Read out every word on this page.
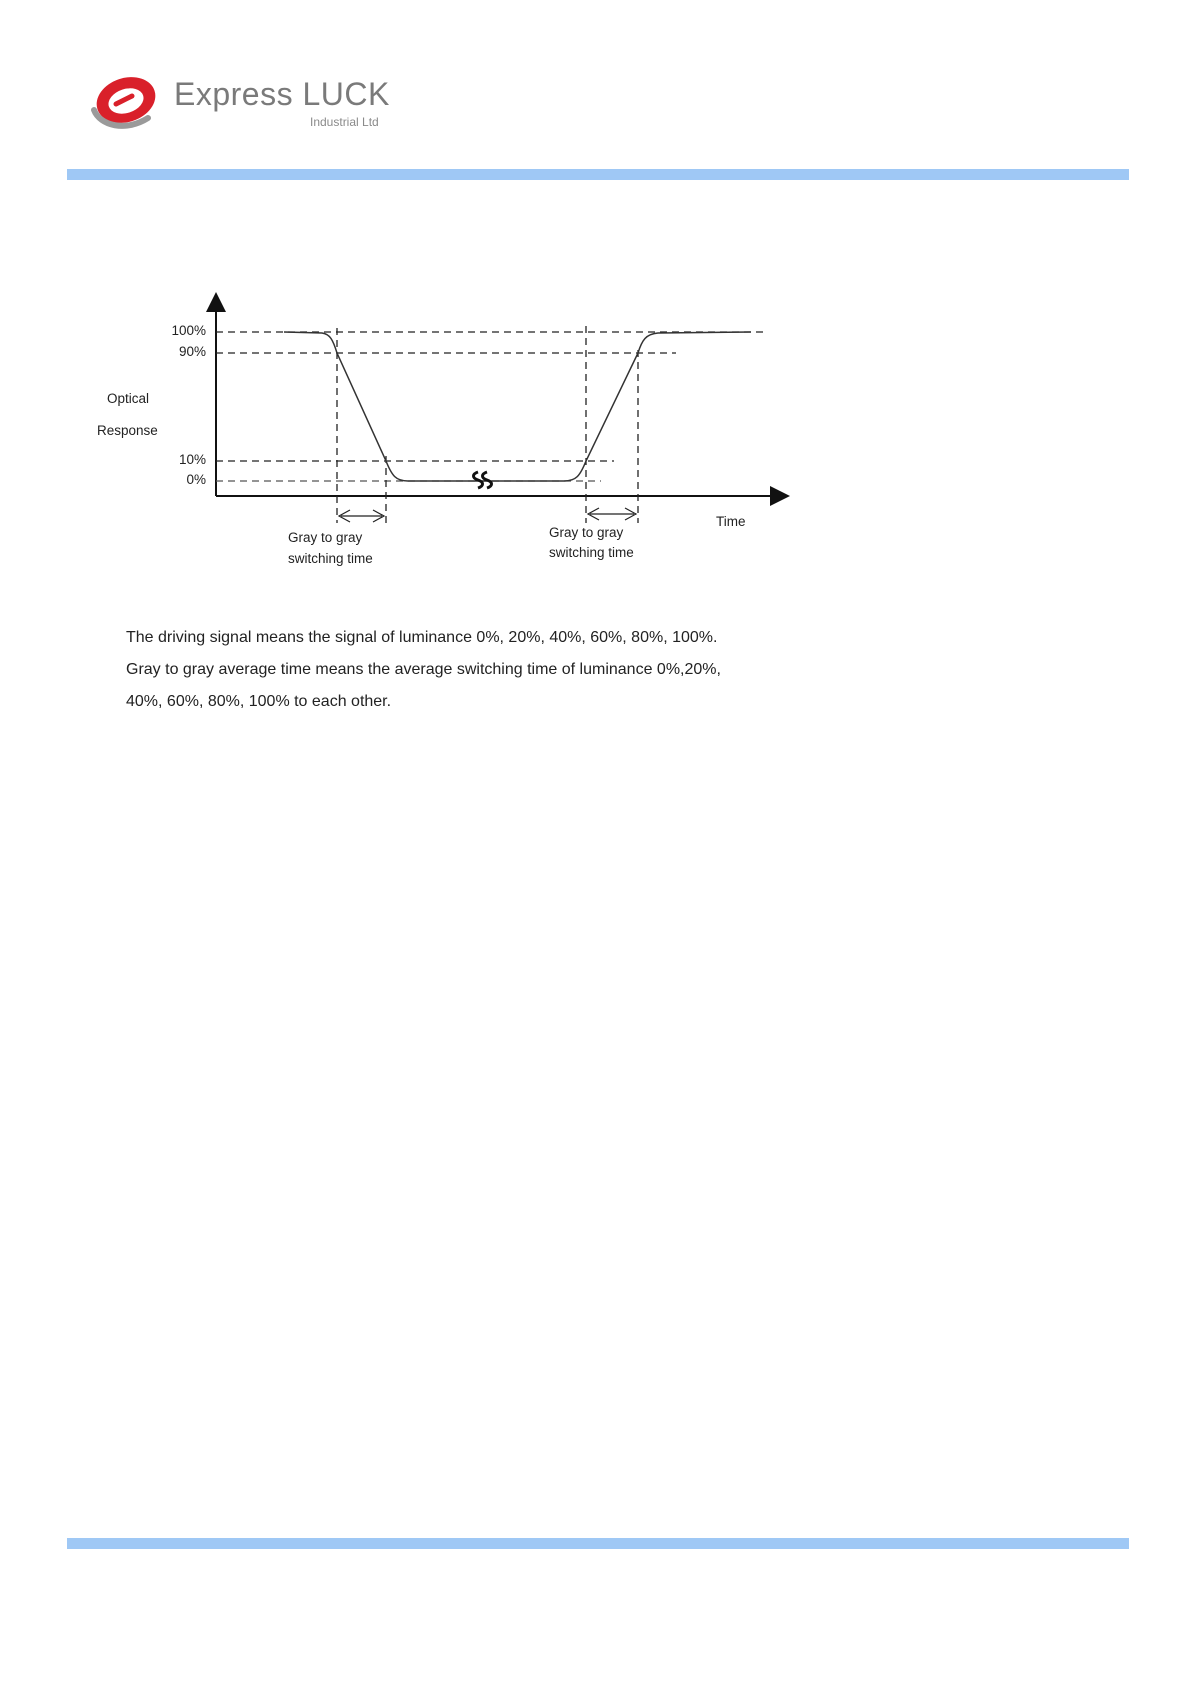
Express LUCK
Industrial Ltd
100%
90%
10%
0%
Optical
Response
Time
Gray to gray
switching time
Gray to gray
switching time

The driving signal means the signal of luminance 0%, 20%, 40%, 60%, 80%, 100%.

Gray to gray average time means the average switching time of luminance 0%,20%,

40%, 60%, 80%, 100% to each other.
